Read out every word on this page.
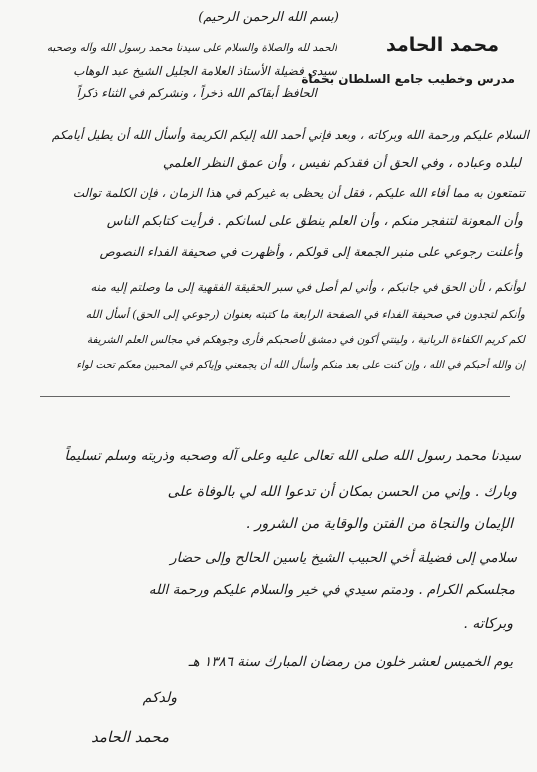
(بسم الله الرحمن الرحيم)
محمد الحامد
مدرس وخطيب جامع السلطان بحماة
الحمد لله والصلاة والسلام على سيدنا محمد رسول الله وآله وصحبه
سيدي فضيلة الأستاذ العلامة الجليل الشيخ عبد الوهاب
الحافظ أبقاكم الله ذخراً ، ونشركم في الثناء ذكراً
السلام عليكم ورحمة الله وبركاته ، وبعد فإني أحمد الله إليكم الكريمة وأسأل الله أن يطيل أيامكم
لبلده وعباده ، وفي الحق أن فقدكم نفيس ، وأن عمق النظر العلمي
تتمتعون به مما أفاء الله عليكم ، فقل أن يحظى به غيركم في هذا الزمان ، فإن الكلمة توالت
وأن المعونة لتنفجر منكم ، وأن العلم ينطق على لسانكم . فرأيت كتابكم الناس
وأعلنت رجوعي على منبر الجمعة إلى قولكم ، وأظهرت في صحيفة الفداء النصوص
لوأنكم ، لأن الحق في جانبكم ، وأني لم أصل في سبر الحقيقة الفقهية إلى ما وصلتم إليه منه
وأنكم لتجدون في صحيفة الفداء في الصفحة الرابعة ما كتبته بعنوان (رجوعي إلى الحق) أسأل الله
لكم كريم الكفاءة الربانية ، ولينتي أكون في دمشق لأصحبكم فأرى وجوهكم في مجالس العلم الشريفة
إن والله أحبكم في الله ، وإن كنت على بعد منكم وأسأل الله أن يجمعني وإياكم في المحبين معكم تحت لواء
سيدنا محمد رسول الله صلى الله تعالى عليه وعلى آله وصحبه وذريته وسلم تسليماً
وبارك . وإني من الحسن بمكان أن تدعوا الله لي بالوفاة على
الإيمان والنجاة من الفتن والوقاية من الشرور .
سلامي إلى فضيلة أخي الحبيب الشيخ ياسين الحالح وإلى حضار
مجلسكم الكرام . ودمتم سيدي في خير والسلام عليكم ورحمة الله
وبركاته .
يوم الخميس لعشر خلون من رمضان المبارك سنة ١٣٨٦ هـ
ولدكم
محمد الحامد
